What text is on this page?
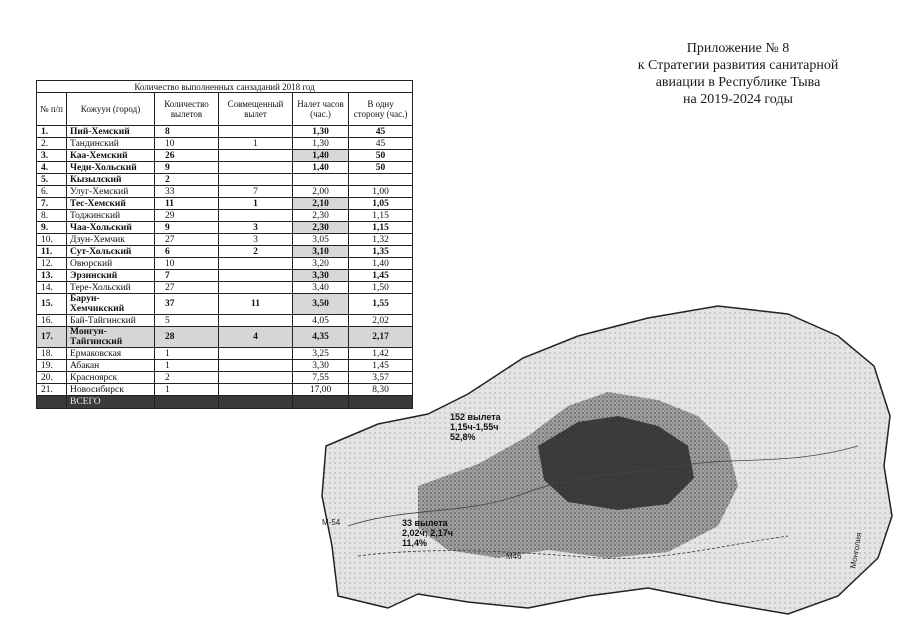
Приложение № 8
к Стратегии развития санитарной
авиации в Республике Тыва
на 2019-2024 годы
Количество выполненных санзаданий 2018 год					
№ п/п	Кожуун (город)	Количество вылетов	Совмещенный вылет	Налет часов (час.)	В одну сторону (час.)
1.	Пий-Хемский	8		1,30	45
2.	Тандинский	10	1	1,30	45
3.	Каа-Хемский	26		1,40	50
4.	Чеди-Хольский	9		1,40	50
5.	Кызылский	2			
6.	Улуг-Хемский	33	7	2,00	1,00
7.	Тес-Хемский	11	1	2,10	1,05
8.	Тоджинский	29		2,30	1,15
9.	Чаа-Хольский	9	3	2,30	1,15
10.	Дзун-Хемчик	27	3	3,05	1,32
11.	Сут-Хольский	6	2	3,10	1,35
12.	Овюрский	10		3,20	1,40
13.	Эрзинский	7		3,30	1,45
14.	Тере-Хольский	27		3,40	1,50
15.	Барун-Хемчикский	37	11	3,50	1,55
16.	Бай-Тайгинский	5		4,05	2,02
17.	Монгун-Тайгинский	28	4	4,35	2,17
18.	Ермаковская	1		3,25	1,42
19.	Абакан	1		3,30	1,45
20.	Красноярск	2		7,55	3,57
21.	Новосибирск	1		17,00	8,30
	ВСЕГО				
152 вылета
1,15ч-1,55ч
52,8%
33 вылета
2,02ч; 2,17ч
11,4%
М-54
М46	Монголия
